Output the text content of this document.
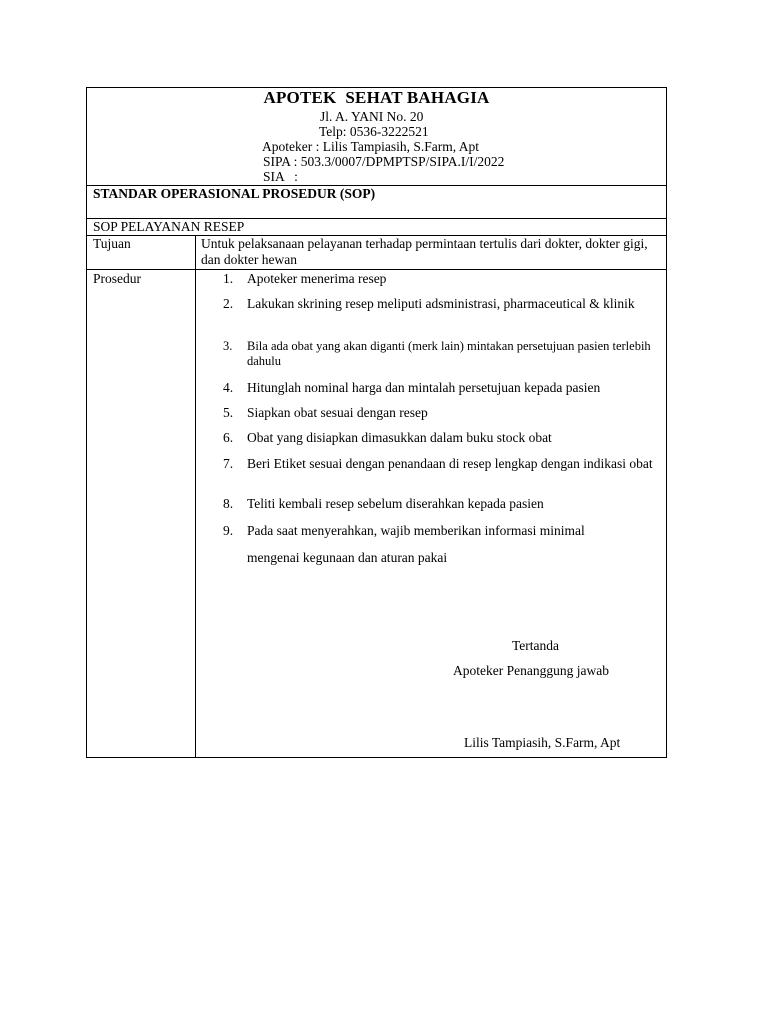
APOTEK  SEHAT BAHAGIA
Jl. A. YANI No. 20
Telp: 0536-3222521
Apoteker : Lilis Tampiasih, S.Farm, Apt
SIPA : 503.3/0007/DPMPTSP/SIPA.I/I/2022
SIA   :
STANDAR OPERASIONAL PROSEDUR (SOP)
SOP PELAYANAN RESEP
Tujuan	Untuk pelaksanaan pelayanan terhadap permintaan tertulis dari dokter, dokter gigi, dan dokter hewan
Prosedur	1. Apoteker menerima resep
2. Lakukan skrining resep meliputi adsministrasi, pharmaceutical & klinik
3. Bila ada obat yang akan diganti (merk lain) mintakan persetujuan pasien terlebih dahulu
4. Hitunglah nominal harga dan mintalah persetujuan kepada pasien
5. Siapkan obat sesuai dengan resep
6. Obat yang disiapkan dimasukkan dalam buku stock obat
7. Beri Etiket sesuai dengan penandaan di resep lengkap dengan indikasi obat
8. Teliti kembali resep sebelum diserahkan kepada pasien
9. Pada saat menyerahkan, wajib memberikan informasi minimal
mengenai kegunaan dan aturan pakai
Tertanda
Apoteker Penanggung jawab
Lilis Tampiasih, S.Farm, Apt
